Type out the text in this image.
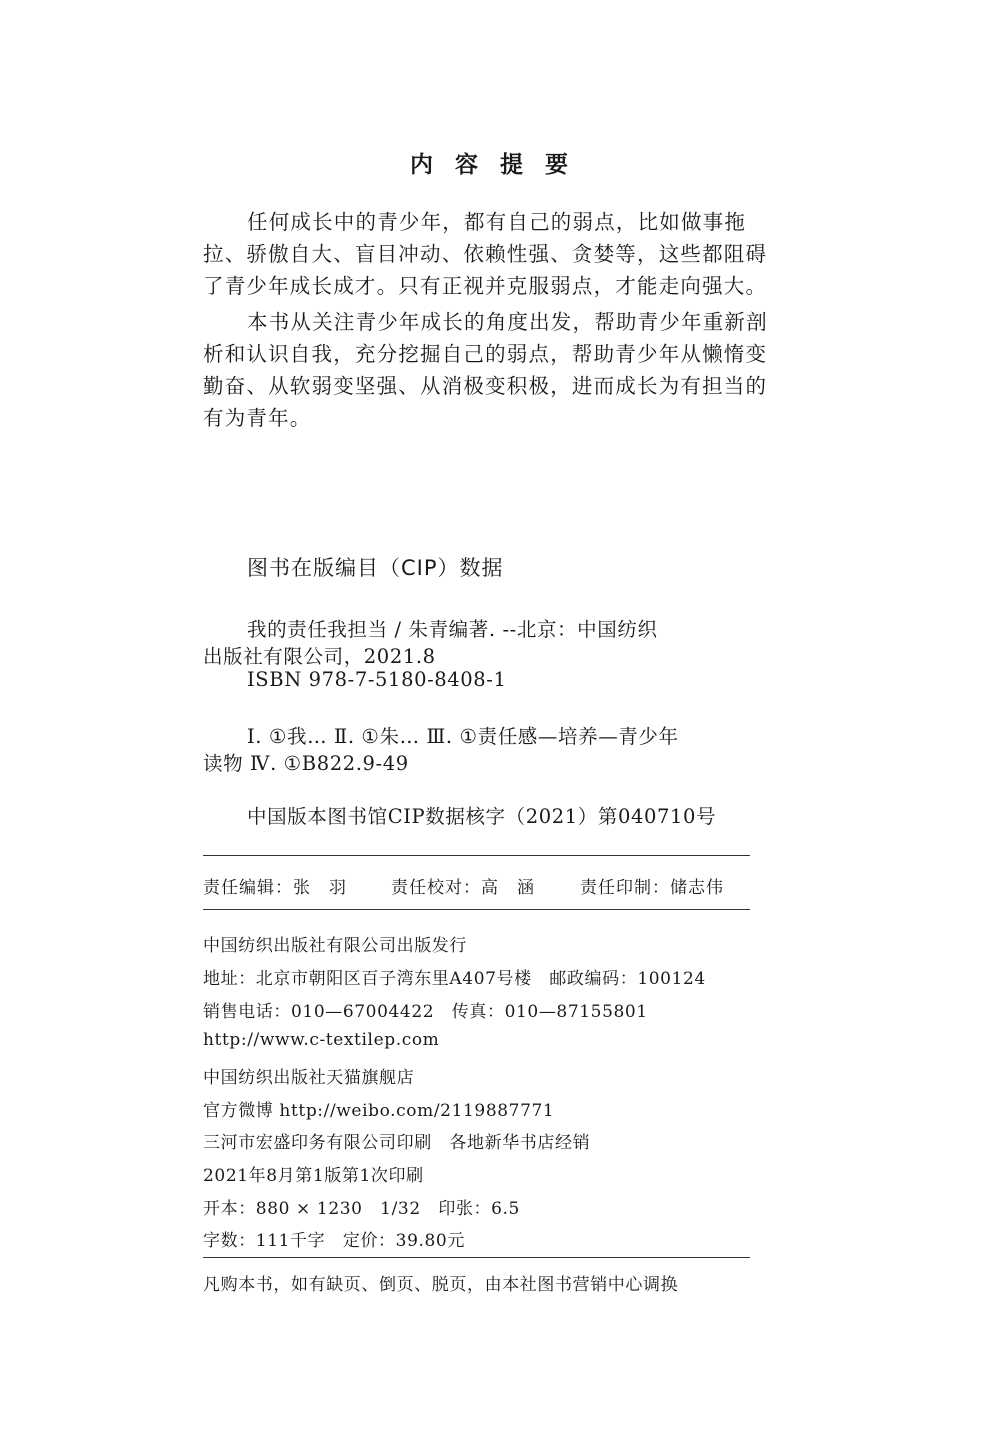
内容提要
任何成长中的青少年，都有自己的弱点，比如做事拖
拉、骄傲自大、盲目冲动、依赖性强、贪婪等，这些都阻碍
了青少年成长成才。只有正视并克服弱点，才能走向强大。
本书从关注青少年成长的角度出发，帮助青少年重新剖
析和认识自我，充分挖掘自己的弱点，帮助青少年从懒惰变
勤奋、从软弱变坚强、从消极变积极，进而成长为有担当的
有为青年。
图书在版编目（CIP）数据
我的责任我担当 / 朱青编著. --北京：中国纺织
出版社有限公司，2021.8
ISBN 978-7-5180-8408-1
Ⅰ. ①我… Ⅱ. ①朱… Ⅲ. ①责任感—培养—青少年
读物 Ⅳ. ①B822.9-49
中国版本图书馆CIP数据核字（2021）第040710号
责任编辑：张　羽	责任校对：高　涵	责任印制：储志伟
中国纺织出版社有限公司出版发行
地址：北京市朝阳区百子湾东里A407号楼　邮政编码：100124
销售电话：010—67004422　传真：010—87155801
http://www.c-textilep.com
中国纺织出版社天猫旗舰店
官方微博 http://weibo.com/2119887771
三河市宏盛印务有限公司印刷　各地新华书店经销
2021年8月第1版第1次印刷
开本：880 × 1230　1/32　印张：6.5
字数：111千字　定价：39.80元
凡购本书，如有缺页、倒页、脱页，由本社图书营销中心调换
